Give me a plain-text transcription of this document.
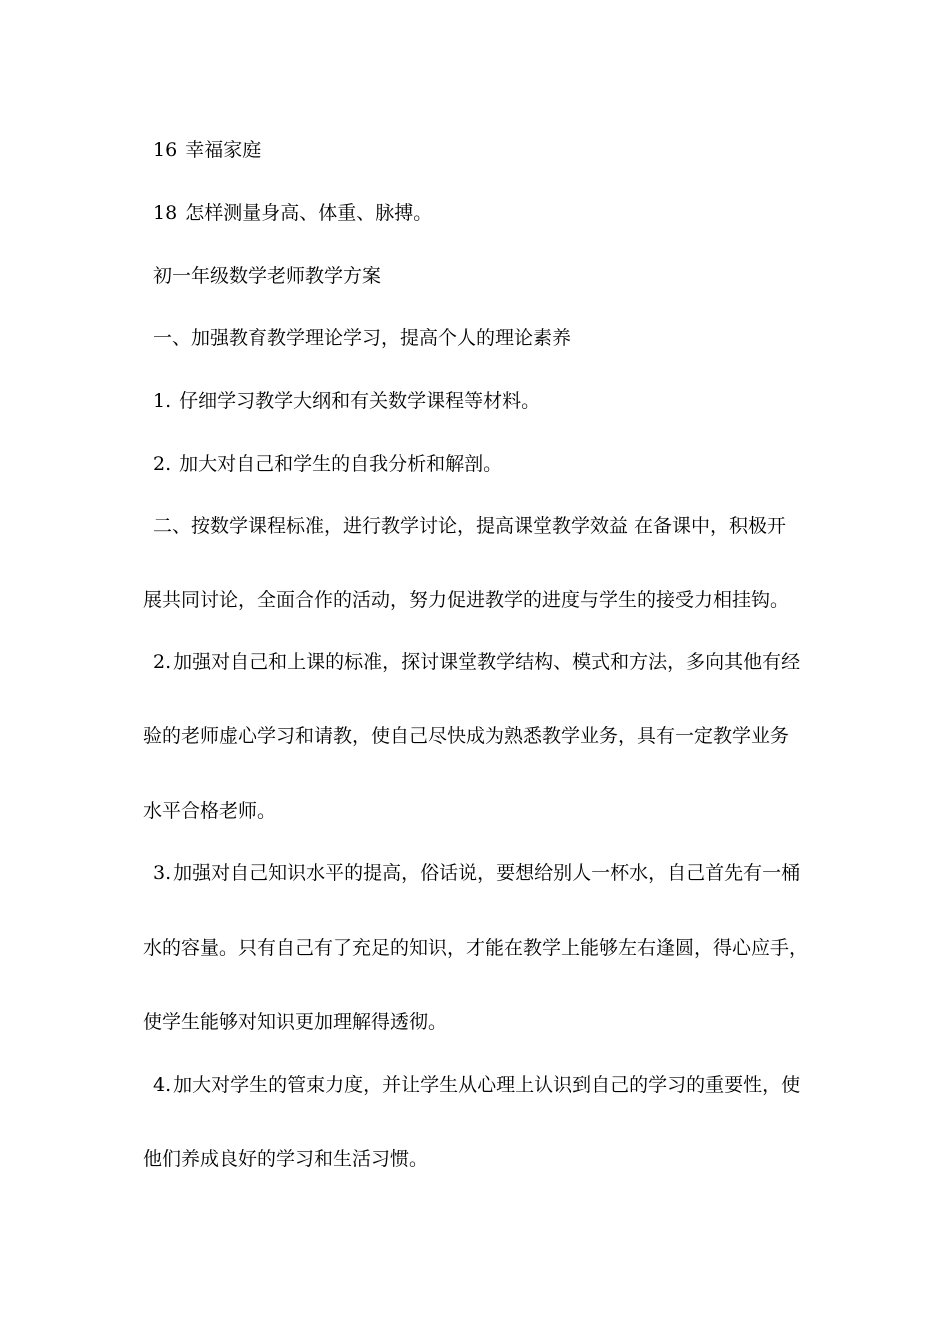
16 幸福家庭
18 怎样测量身高、体重、脉搏。
初一年级数学老师教学方案
一、加强教育教学理论学习，提高个人的理论素养
1. 仔细学习教学大纲和有关数学课程等材料。
2. 加大对自己和学生的自我分析和解剖。
二、按数学课程标准，进行教学讨论，提高课堂教学效益 在备课中，积极开
展共同讨论，全面合作的活动，努力促进教学的进度与学生的接受力相挂钩。
2. 加强对自己和上课的标准，探讨课堂教学结构、模式和方法，多向其他有经
验的老师虚心学习和请教，使自己尽快成为熟悉教学业务，具有一定教学业务
水平合格老师。
3. 加强对自己知识水平的提高，俗话说，要想给别人一杯水，自己首先有一桶
水的容量。只有自己有了充足的知识，才能在教学上能够左右逢圆，得心应手，
使学生能够对知识更加理解得透彻。
4. 加大对学生的管束力度，并让学生从心理上认识到自己的学习的重要性，使
他们养成良好的学习和生活习惯。
